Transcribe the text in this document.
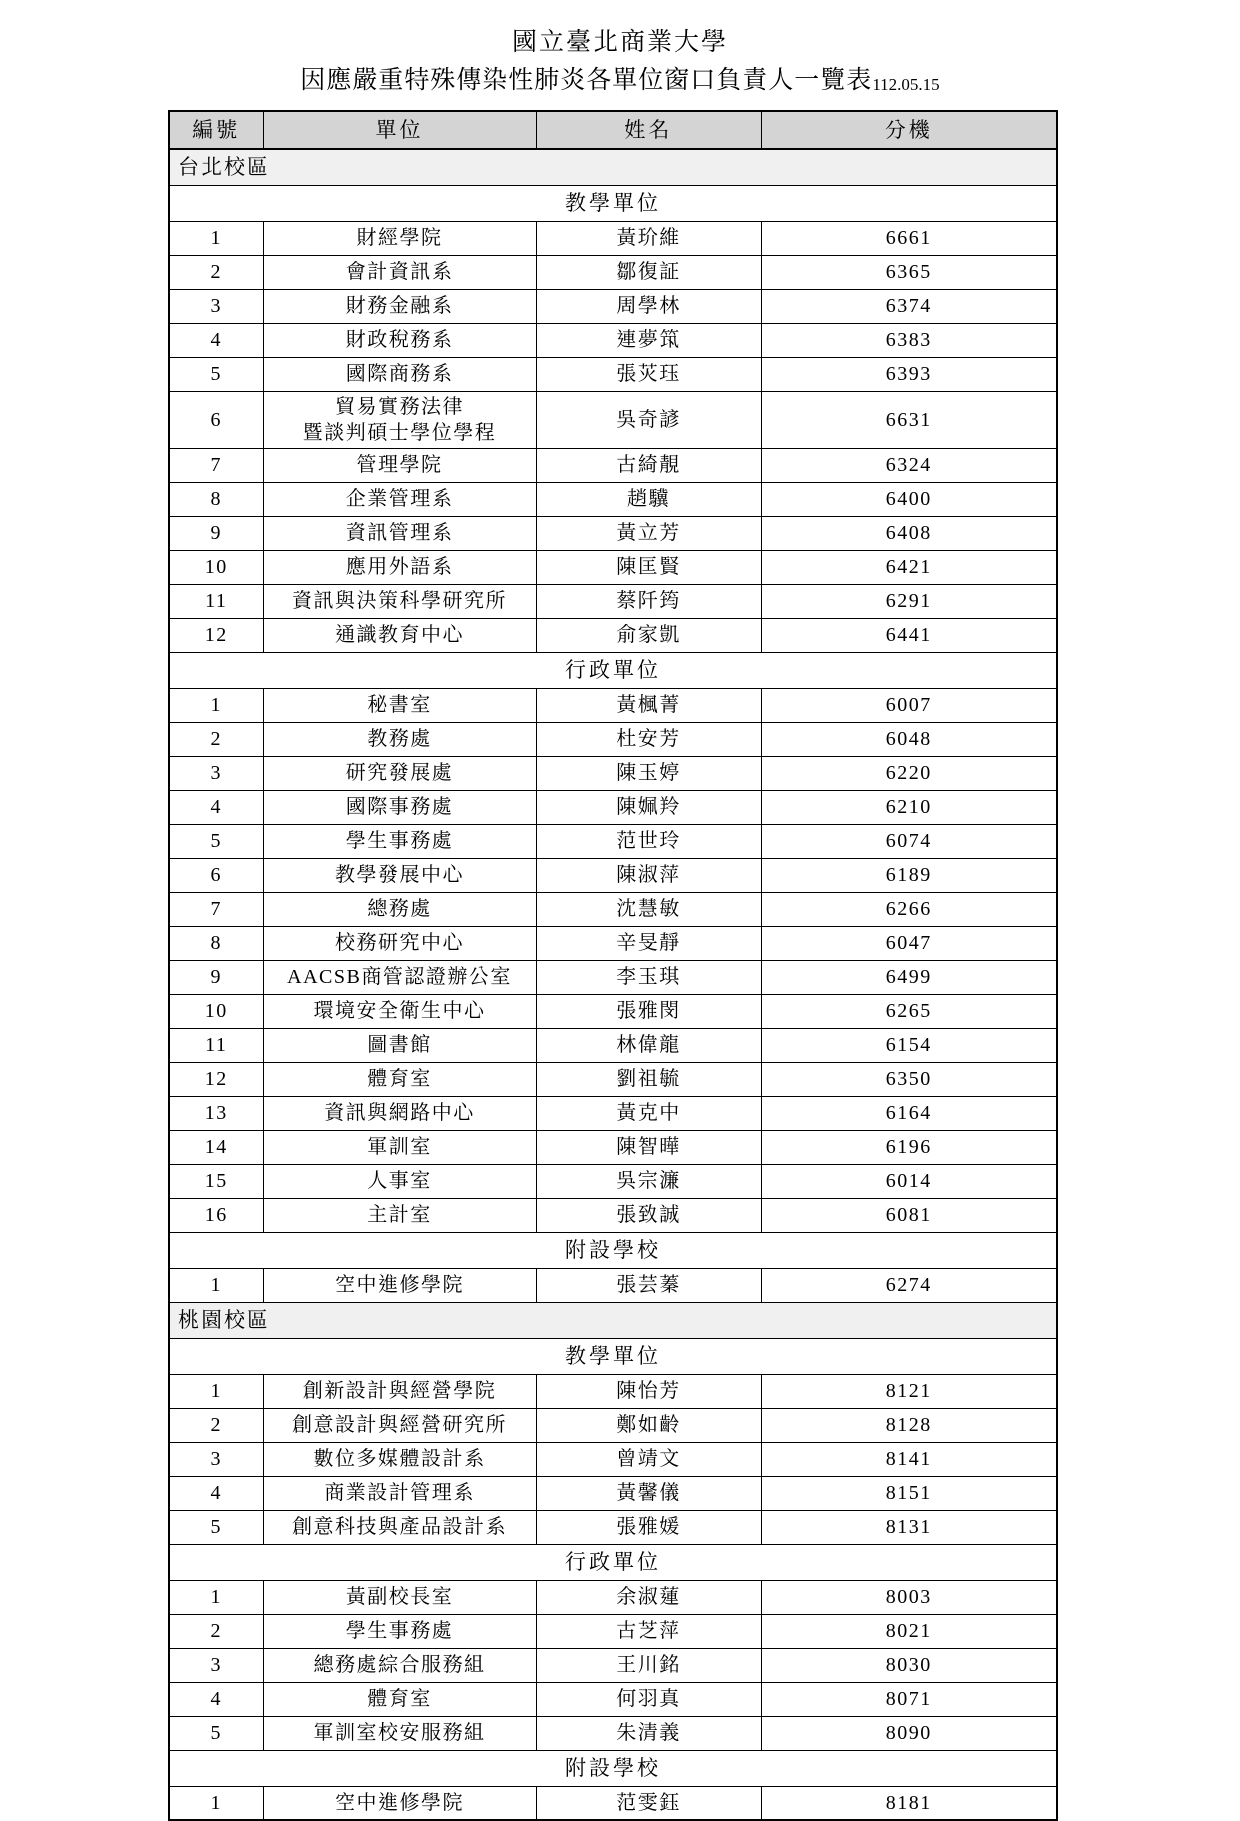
國立臺北商業大學
因應嚴重特殊傳染性肺炎各單位窗口負責人一覽表112.05.15
編號	單位	姓名	分機
台北校區			
教學單位			
1	財經學院	黃玠維	6661
2	會計資訊系	鄒復証	6365
3	財務金融系	周學林	6374
4	財政稅務系	連夢筑	6383
5	國際商務系	張苂珏	6393
6	貿易實務法律
暨談判碩士學位學程	吳奇諺	6631
7	管理學院	古綺靚	6324
8	企業管理系	趙驥	6400
9	資訊管理系	黃立芳	6408
10	應用外語系	陳匡賢	6421
11	資訊與決策科學研究所	蔡阡筠	6291
12	通識教育中心	俞家凱	6441
行政單位			
1	秘書室	黃楓菁	6007
2	教務處	杜安芳	6048
3	研究發展處	陳玉婷	6220
4	國際事務處	陳姵羚	6210
5	學生事務處	范世玲	6074
6	教學發展中心	陳淑萍	6189
7	總務處	沈慧敏	6266
8	校務研究中心	辛旻靜	6047
9	AACSB商管認證辦公室	李玉琪	6499
10	環境安全衛生中心	張雅閔	6265
11	圖書館	林偉龍	6154
12	體育室	劉祖毓	6350
13	資訊與網路中心	黃克中	6164
14	軍訓室	陳智曄	6196
15	人事室	吳宗濂	6014
16	主計室	張致誠	6081
附設學校			
1	空中進修學院	張芸蓁	6274
桃園校區			
教學單位			
1	創新設計與經營學院	陳怡芳	8121
2	創意設計與經營研究所	鄭如齡	8128
3	數位多媒體設計系	曾靖文	8141
4	商業設計管理系	黃馨儀	8151
5	創意科技與產品設計系	張雅媛	8131
行政單位			
1	黃副校長室	余淑蓮	8003
2	學生事務處	古芝萍	8021
3	總務處綜合服務組	王川銘	8030
4	體育室	何羽真	8071
5	軍訓室校安服務組	朱清義	8090
附設學校			
1	空中進修學院	范雯鈺	8181
